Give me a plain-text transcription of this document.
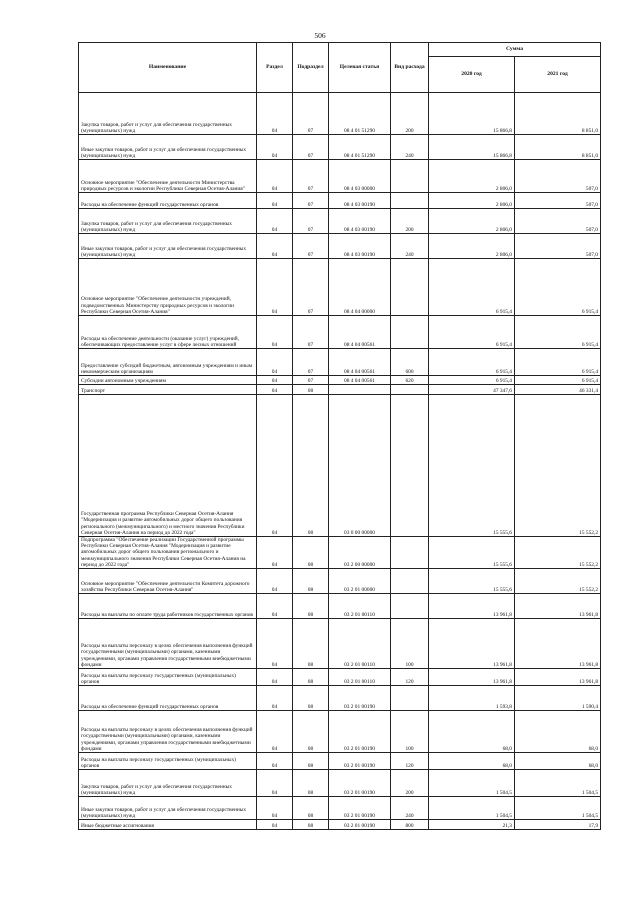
506
Наименование	Раздел	Подраздел	Целевая статья	Вид расхода	Сумма	
					2020 год	2021 год
Закупка товаров, работ и услуг для обеспечения государственных (муниципальных) нужд	04	07	08 4 01 51290	200	15 866,8	8 851,0
Иные закупки товаров, работ и услуг для обеспечения государственных (муниципальных) нужд	04	07	08 4 01 51290	240	15 866,8	8 851,0
Основное мероприятие "Обеспечение деятельности Министерства природных ресурсов и экологии Республики Северная Осетия-Алания"	04	07	08 4 03 00000		2 806,0	507,0
Расходы на обеспечение функций государственных органов	04	07	08 4 03 00190		2 806,0	507,0
Закупка товаров, работ и услуг для обеспечения государственных (муниципальных) нужд	04	07	08 4 03 00190	200	2 806,0	507,0
Иные закупки товаров, работ и услуг для обеспечения государственных (муниципальных) нужд	04	07	08 4 03 00190	240	2 806,0	507,0
Основное мероприятие "Обеспечение деятельности учреждений, подведомственных Министерству природных ресурсов и экологии Республики Северная Осетия-Алания"	04	07	08 4 04 00000		6 915,4	6 915,4
Расходы на обеспечение деятельности (оказание услуг) учреждений, обеспечивающих предоставление услуг в сфере лесных отношений	04	07	08 4 04 00561		6 915,4	6 915,4
Предоставление субсидий бюджетным, автономным учреждениям и иным некоммерческим организациям	04	07	08 4 04 00561	600	6 915,4	6 915,4
Субсидии автономным учреждениям	04	07	08 4 04 00561	620	6 915,4	6 915,4
Транспорт	04	08			47 347,6	46 331,4
Государственная программа Республики Северная Осетия-Алания "Модернизация и развитие автомобильных дорог общего пользования регионального (межмуниципального) и местного значения Республики Северная Осетия-Алания на период до 2022 года"	04	08	03 0 00 00000		15 555,6	15 552,2
Подпрограмма "Обеспечение реализации Государственной программы Республики Северная Осетия-Алания "Модернизация и развитие автомобильных дорог общего пользования регионального и межмуниципального значения Республики Северная Осетия-Алания на период до 2022 года"	04	08	03 2 00 00000		15 555,6	15 552,2
Основное мероприятие "Обеспечение деятельности Комитета дорожного хозяйства Республики Северная Осетия-Алания"	04	08	03 2 01 00000		15 555,6	15 552,2
Расходы на выплаты по оплате труда работников государственных органов	04	08	03 2 01 00110		13 961,8	13 961,8
Расходы на выплаты персоналу в целях обеспечения выполнения функций государственными (муниципальными) органами, казенными учреждениями, органами управления государственными внебюджетными фондами	04	08	03 2 01 00110	100	13 961,8	13 961,8
Расходы на выплаты персоналу государственных (муниципальных) органов	04	08	03 2 01 00110	120	13 961,8	13 961,8
Расходы на обеспечение функций государственных органов	04	08	03 2 01 00190		1 593,8	1 590,4
Расходы на выплаты персоналу в целях обеспечения выполнения функций государственными (муниципальными) органами, казенными учреждениями, органами управления государственными внебюджетными фондами	04	08	03 2 01 00190	100	68,0	68,0
Расходы на выплаты персоналу государственных (муниципальных) органов	04	08	03 2 01 00190	120	68,0	68,0
Закупка товаров, работ и услуг для обеспечения государственных (муниципальных) нужд	04	08	03 2 01 00190	200	1 504,5	1 504,5
Иные закупки товаров, работ и услуг для обеспечения государственных (муниципальных) нужд	04	08	03 2 01 00190	240	1 504,5	1 504,5
Иные бюджетные ассигнования	04	08	03 2 01 00190	800	21,3	17,9
